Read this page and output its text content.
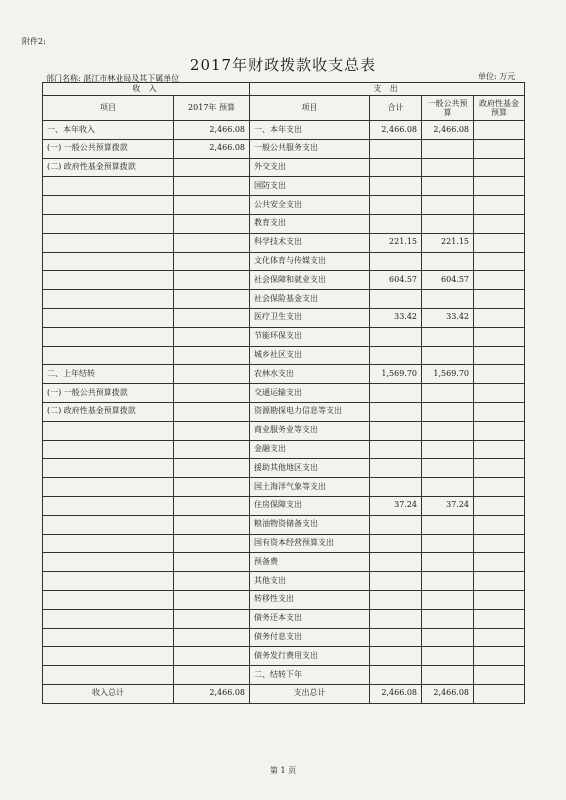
附件2:
2017年财政拨款收支总表
部门名称: 湛江市林业局及其下属单位	单位: 万元
收 入		支 出			
项目	2017年 预算	项目	合计	一般公共预算	政府性基金预算
一、本年收入	2,466.08	一、本年支出	2,466.08	2,466.08	
(一) 一般公共预算拨款	2,466.08	一般公共服务支出			
(二) 政府性基金预算拨款		外交支出			
		国防支出			
		公共安全支出			
		教育支出			
		科学技术支出	221.15	221.15	
		文化体育与传媒支出			
		社会保障和就业支出	604.57	604.57	
		社会保险基金支出			
		医疗卫生支出	33.42	33.42	
		节能环保支出			
		城乡社区支出			
二、上年结转		农林水支出	1,569.70	1,569.70	
(一) 一般公共预算拨款		交通运输支出			
(二) 政府性基金预算拨款		资源勘探电力信息等支出			
		商业服务业等支出			
		金融支出			
		援助其他地区支出			
		国土海洋气象等支出			
		住房保障支出	37.24	37.24	
		粮油物资储备支出			
		国有资本经营预算支出			
		预备费			
		其他支出			
		转移性支出			
		债务还本支出			
		债务付息支出			
		债务发行费用支出			
		二、结转下年			
收入总计	2,466.08	支出总计	2,466.08	2,466.08	
第 1 页
